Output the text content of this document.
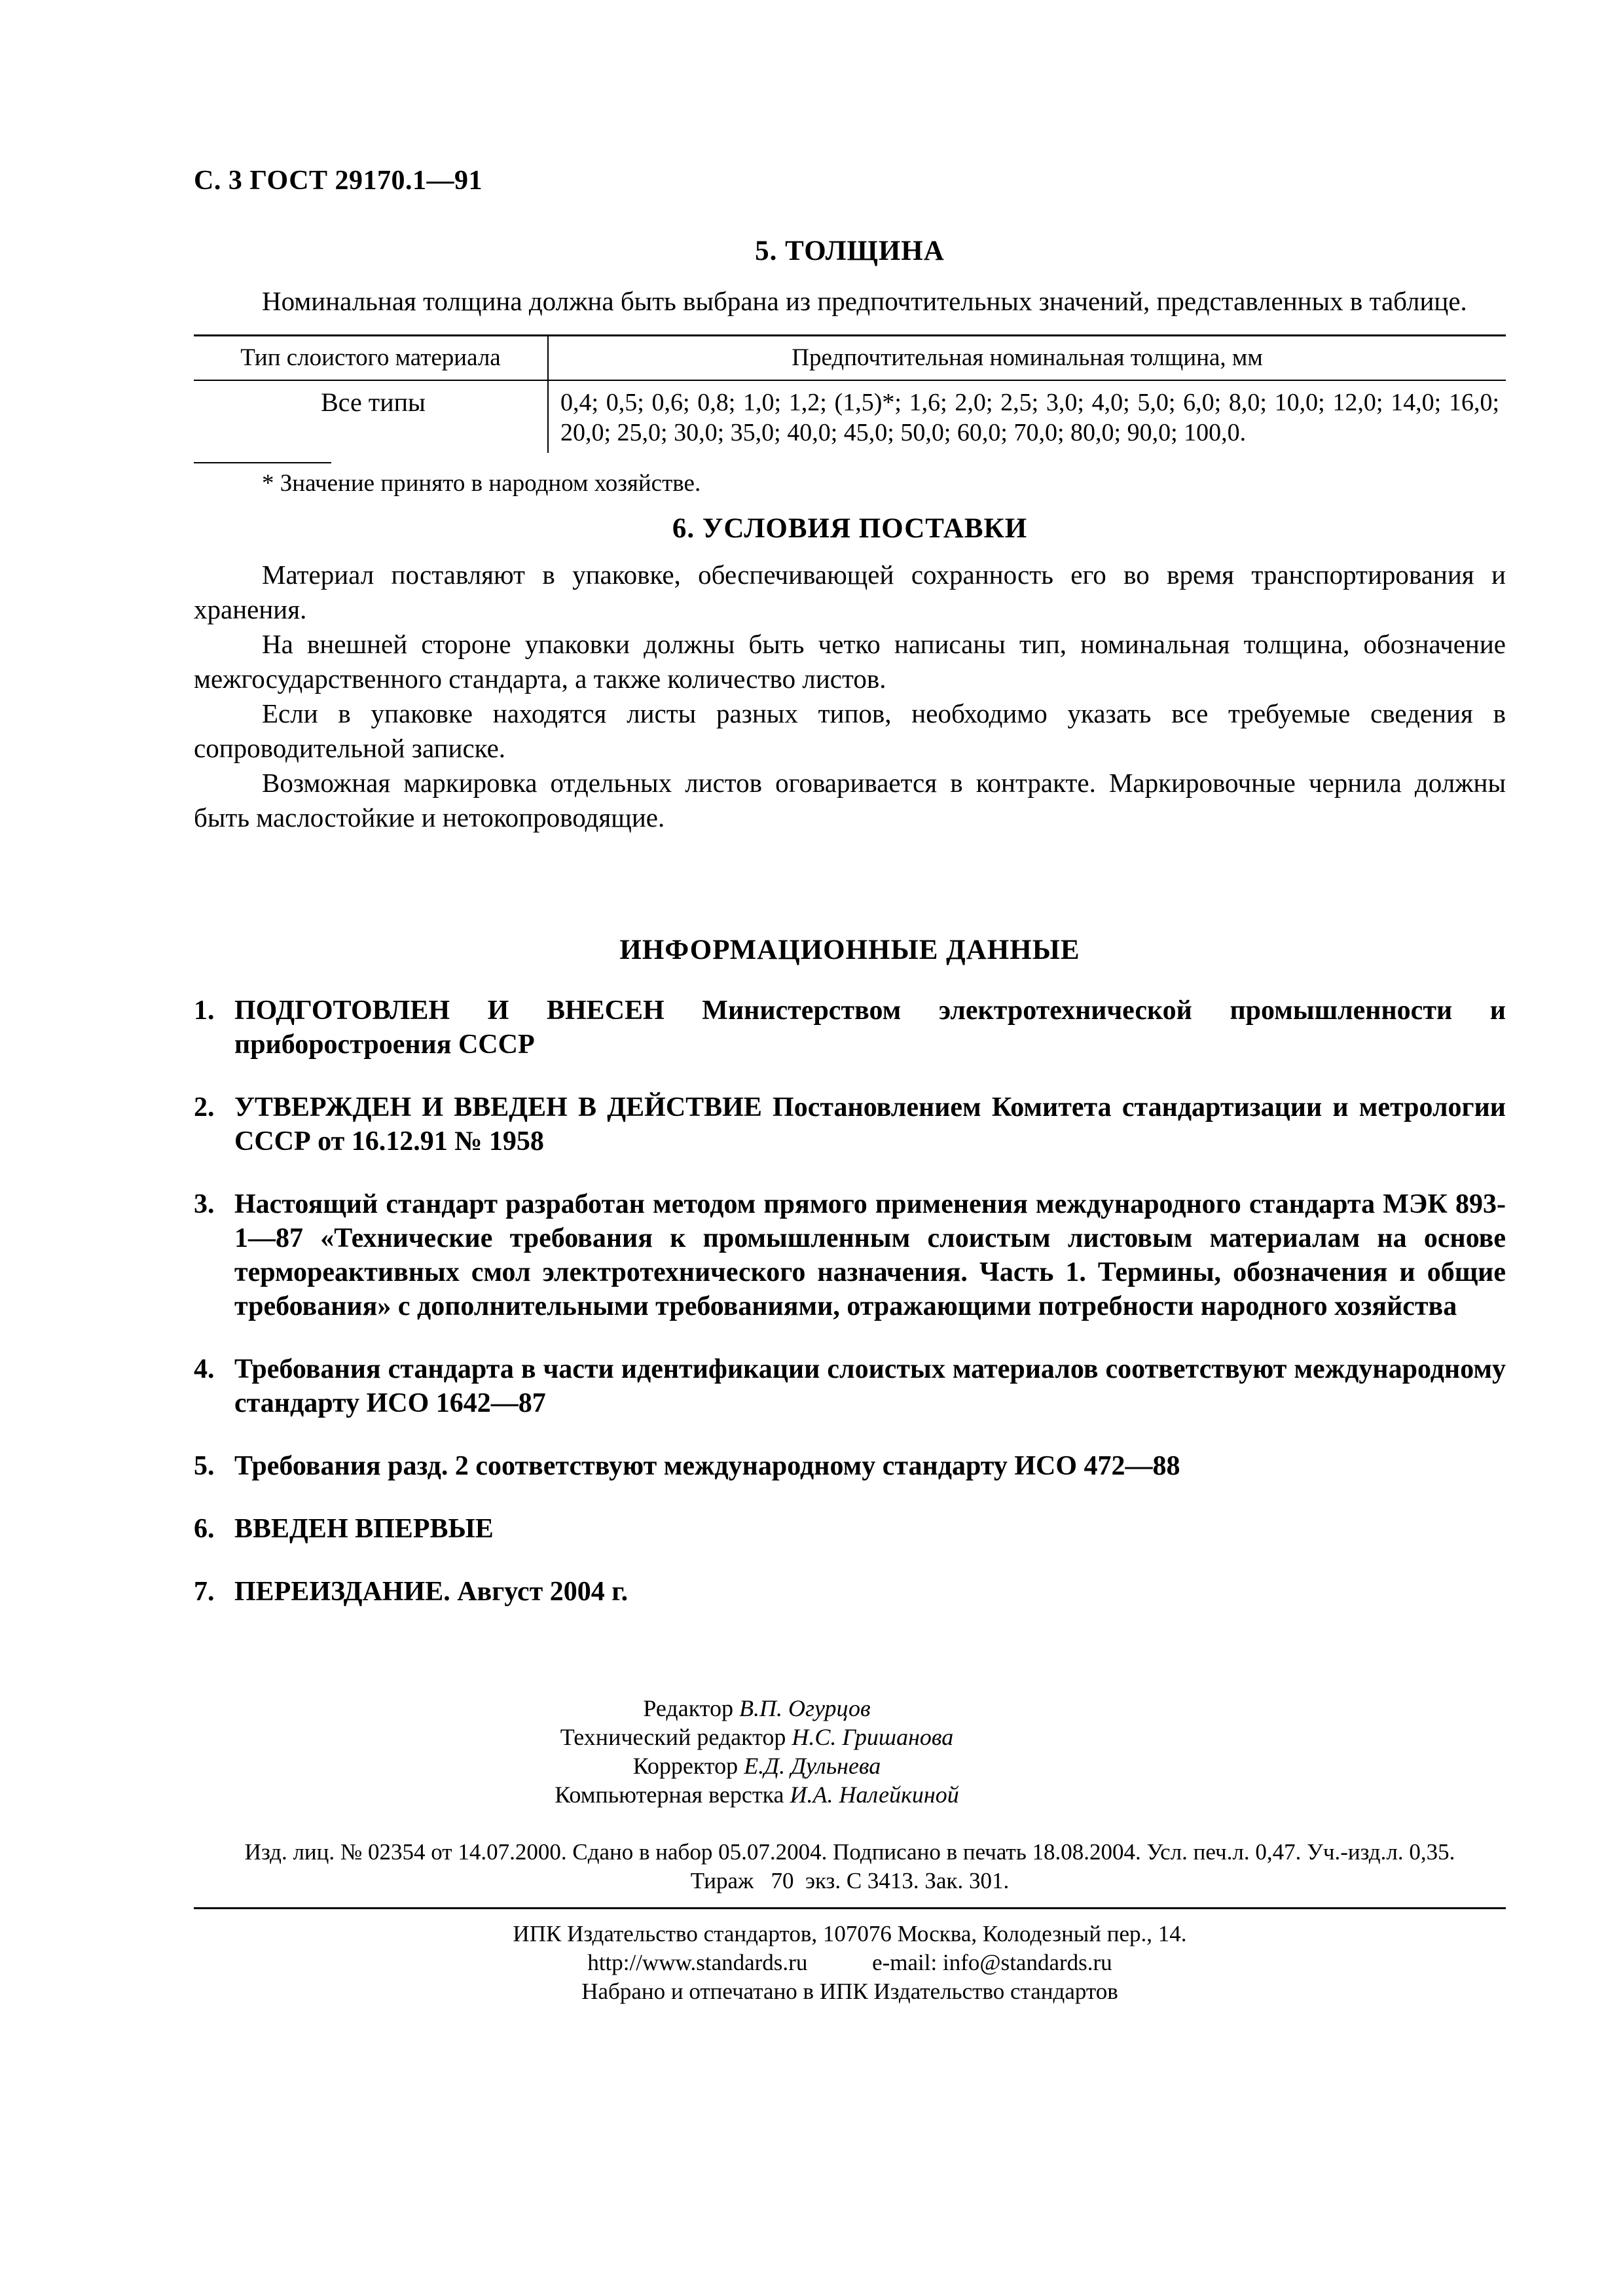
С. 3 ГОСТ 29170.1—91
5. ТОЛЩИНА
Номинальная толщина должна быть выбрана из предпочтительных значений, представленных в таблице.
Тип слоистого материала	Предпочтительная номинальная толщина, мм
Все типы	0,4; 0,5; 0,6; 0,8; 1,0; 1,2; (1,5)*; 1,6; 2,0; 2,5; 3,0; 4,0; 5,0; 6,0; 8,0; 10,0; 12,0; 14,0; 16,0; 20,0; 25,0; 30,0; 35,0; 40,0; 45,0; 50,0; 60,0; 70,0; 80,0; 90,0; 100,0.
* Значение принято в народном хозяйстве.
6. УСЛОВИЯ ПОСТАВКИ
Материал поставляют в упаковке, обеспечивающей сохранность его во время транспортирования и хранения.
На внешней стороне упаковки должны быть четко написаны тип, номинальная толщина, обозначение межгосударственного стандарта, а также количество листов.
Если в упаковке находятся листы разных типов, необходимо указать все требуемые сведения в сопроводительной записке.
Возможная маркировка отдельных листов оговаривается в контракте. Маркировочные чернила должны быть маслостойкие и нетокопроводящие.
ИНФОРМАЦИОННЫЕ ДАННЫЕ
1. ПОДГОТОВЛЕН И ВНЕСЕН Министерством электротехнической промышленности и приборостроения СССР
2. УТВЕРЖДЕН И ВВЕДЕН В ДЕЙСТВИЕ Постановлением Комитета стандартизации и метрологии СССР от 16.12.91 № 1958
3. Настоящий стандарт разработан методом прямого применения международного стандарта МЭК 893-1—87 «Технические требования к промышленным слоистым листовым материалам на основе термореактивных смол электротехнического назначения. Часть 1. Термины, обозначения и общие требования» с дополнительными требованиями, отражающими потребности народного хозяйства
4. Требования стандарта в части идентификации слоистых материалов соответствуют международному стандарту ИСО 1642—87
5. Требования разд. 2 соответствуют международному стандарту ИСО 472—88
6. ВВЕДЕН ВПЕРВЫЕ
7. ПЕРЕИЗДАНИЕ. Август 2004 г.
Редактор В.П. Огурцов
Технический редактор Н.С. Гришанова
Корректор Е.Д. Дульнева
Компьютерная верстка И.А. Налейкиной
Изд. лиц. № 02354 от 14.07.2000. Сдано в набор 05.07.2004. Подписано в печать 18.08.2004. Усл. печ.л. 0,47. Уч.-изд.л. 0,35.
Тираж   70  экз. С 3413. Зак. 301.
ИПК Издательство стандартов, 107076 Москва, Колодезный пер., 14.
http://www.standards.ru	e-mail: info@standards.ru
Набрано и отпечатано в ИПК Издательство стандартов
